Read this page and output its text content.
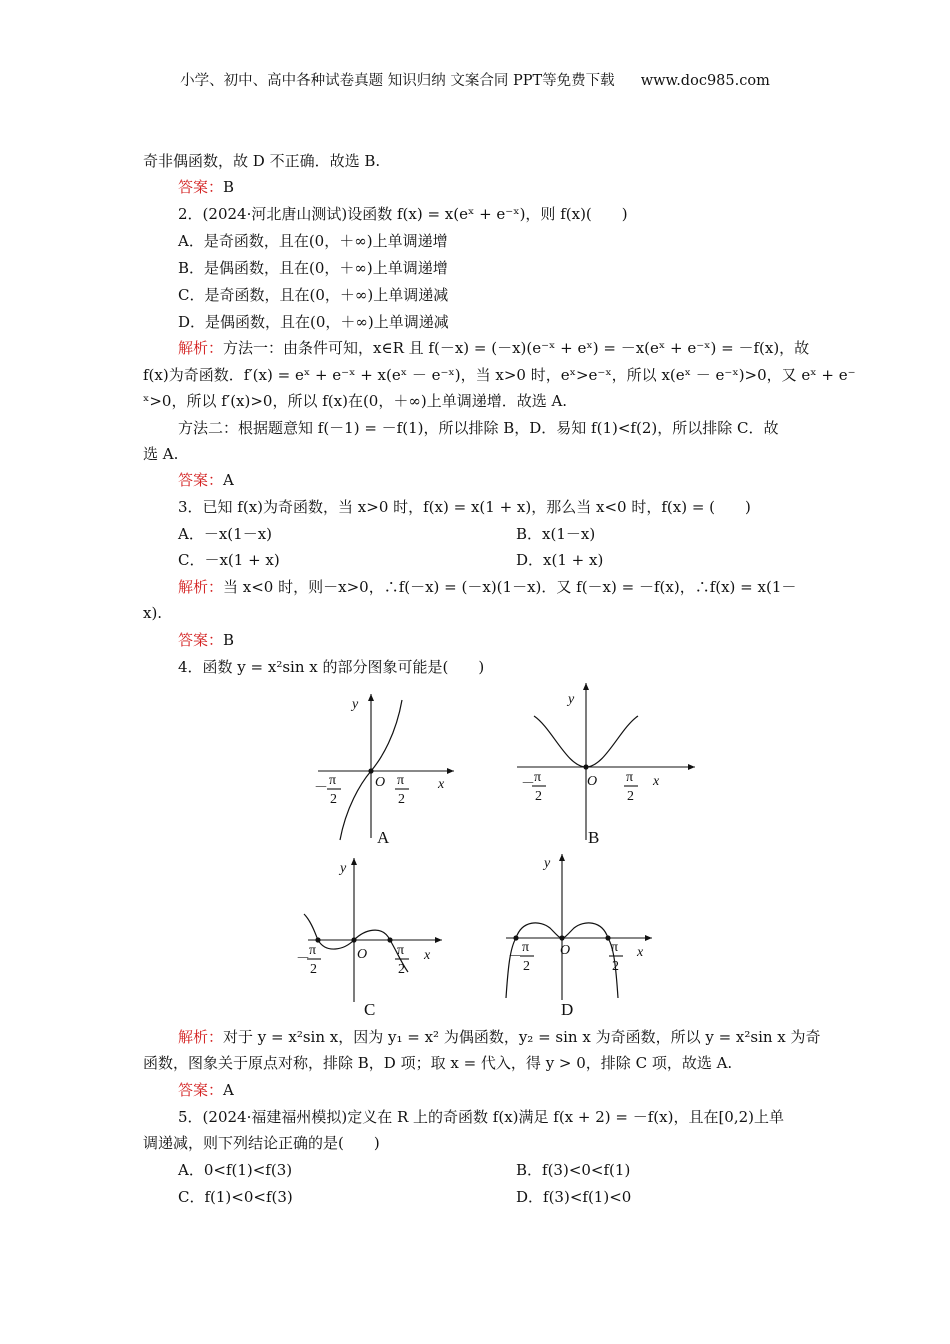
小学、初中、高中各种试卷真题 知识归纳 文案合同 PPT等免费下载 www.doc985.com
奇非偶函数，故 D 不正确．故选 B.
答案：B
2．(2024·河北唐山测试)设函数 f(x) = x(eˣ + e⁻ˣ)，则 f(x)(　　)
A．是奇函数，且在(0，＋∞)上单调递增
B．是偶函数，且在(0，＋∞)上单调递增
C．是奇函数，且在(0，＋∞)上单调递减
D．是偶函数，且在(0，＋∞)上单调递减
解析：方法一：由条件可知，x∈R 且 f(－x) = (－x)(e⁻ˣ + eˣ) = －x(eˣ + e⁻ˣ) = －f(x)，故
f(x)为奇函数．f′(x) = eˣ + e⁻ˣ + x(eˣ － e⁻ˣ)，当 x>0 时，eˣ>e⁻ˣ，所以 x(eˣ － e⁻ˣ)>0，又 eˣ + e⁻
ˣ>0，所以 f′(x)>0，所以 f(x)在(0，＋∞)上单调递增．故选 A.
方法二：根据题意知 f(－1) = －f(1)，所以排除 B，D．易知 f(1)<f(2)，所以排除 C．故
选 A.
答案：A
3．已知 f(x)为奇函数，当 x>0 时，f(x) = x(1 + x)，那么当 x<0 时，f(x) = (　　)
A．－x(1－x)	B．x(1－x)
C．－x(1 + x)	D．x(1 + x)
解析：当 x<0 时，则－x>0，∴f(－x) = (－x)(1－x)．又 f(－x) = －f(x)，∴f(x) = x(1－
x).
答案：B
4．函数 y = x²sin x 的部分图象可能是(　　)
y
x
O
－
π
2
π
2
A
y
x
O
－ π
2
π
2
B
y
x
O
－
π
2
π
2
C
y
x
O
－
π
2
π
2
D
解析：对于 y = x²sin x，因为 y₁ = x² 为偶函数，y₂ = sin x 为奇函数，所以 y = x²sin x 为奇
函数，图象关于原点对称，排除 B，D 项；取 x = 代入，得 y > 0，排除 C 项，故选 A.
答案：A
5．(2024·福建福州模拟)定义在 R 上的奇函数 f(x)满足 f(x + 2) = －f(x)，且在[0,2)上单
调递减，则下列结论正确的是(　　)
A．0<f(1)<f(3)	B．f(3)<0<f(1)
C．f(1)<0<f(3)	D．f(3)<f(1)<0
